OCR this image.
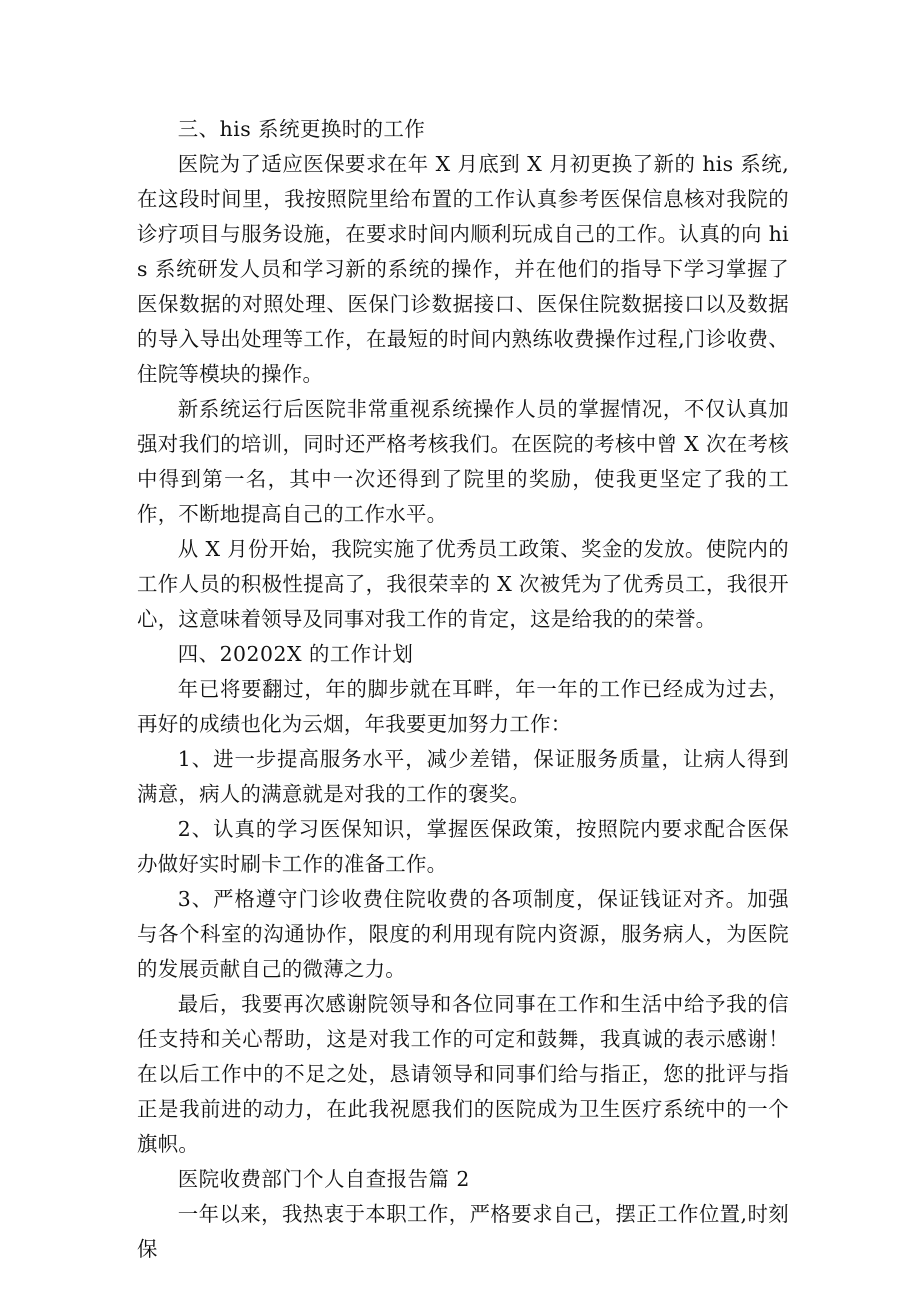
三、his 系统更换时的工作

医院为了适应医保要求在年 X 月底到 X 月初更换了新的 his 系统,在这段时间里，我按照院里给布置的工作认真参考医保信息核对我院的诊疗项目与服务设施，在要求时间内顺利玩成自己的工作。认真的向 his 系统研发人员和学习新的系统的操作，并在他们的指导下学习掌握了医保数据的对照处理、医保门诊数据接口、医保住院数据接口以及数据的导入导出处理等工作，在最短的时间内熟练收费操作过程,门诊收费、住院等模块的操作。

新系统运行后医院非常重视系统操作人员的掌握情况，不仅认真加强对我们的培训，同时还严格考核我们。在医院的考核中曾 X 次在考核中得到第一名，其中一次还得到了院里的奖励，使我更坚定了我的工作，不断地提高自己的工作水平。

从 X 月份开始，我院实施了优秀员工政策、奖金的发放。使院内的工作人员的积极性提高了，我很荣幸的 X 次被凭为了优秀员工，我很开心，这意味着领导及同事对我工作的肯定，这是给我的的荣誉。

四、20202X 的工作计划

年已将要翻过，年的脚步就在耳畔，年一年的工作已经成为过去，再好的成绩也化为云烟，年我要更加努力工作：

1、进一步提高服务水平，减少差错，保证服务质量，让病人得到满意，病人的满意就是对我的工作的褒奖。

2、认真的学习医保知识，掌握医保政策，按照院内要求配合医保办做好实时刷卡工作的准备工作。

3、严格遵守门诊收费住院收费的各项制度，保证钱证对齐。加强与各个科室的沟通协作，限度的利用现有院内资源，服务病人，为医院的发展贡献自己的微薄之力。

最后，我要再次感谢院领导和各位同事在工作和生活中给予我的信任支持和关心帮助，这是对我工作的可定和鼓舞，我真诚的表示感谢！在以后工作中的不足之处，恳请领导和同事们给与指正，您的批评与指正是我前进的动力，在此我祝愿我们的医院成为卫生医疗系统中的一个旗帜。

医院收费部门个人自查报告篇 2

一年以来，我热衷于本职工作，严格要求自己，摆正工作位置,时刻保
